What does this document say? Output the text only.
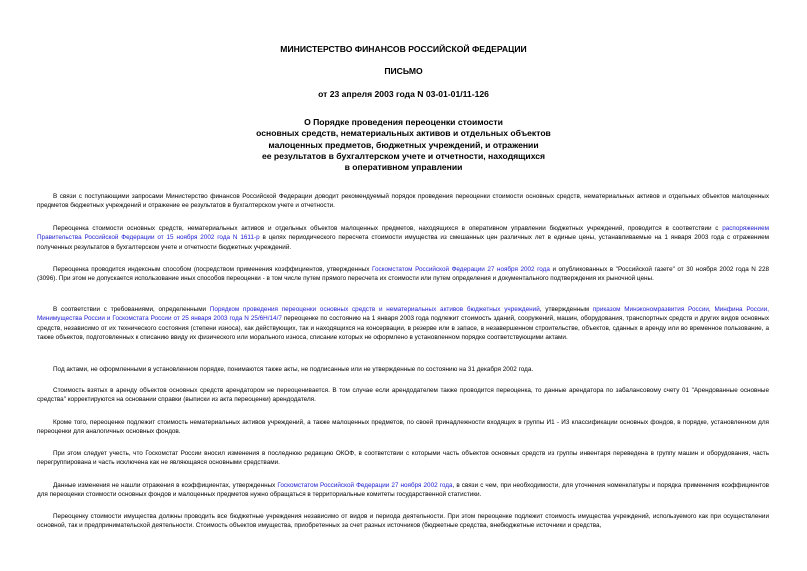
МИНИСТЕРСТВО ФИНАНСОВ РОССИЙСКОЙ ФЕДЕРАЦИИ
ПИСЬМО
от 23 апреля 2003 года N 03-01-01/11-126
О Порядке проведения переоценки стоимости
основных средств, нематериальных активов и отдельных объектов
малоценных предметов, бюджетных учреждений, и отражении
ее результатов в бухгалтерском учете и отчетности, находящихся
в оперативном управлении
В связи с поступающими запросами Министерство финансов Российской Федерации доводит рекомендуемый порядок проведения переоценки стоимости основных средств, нематериальных активов и отдельных объектов малоценных предметов бюджетных учреждений и отражение ее результатов в бухгалтерском учете и отчетности.
Переоценка стоимости основных средств, нематериальных активов и отдельных объектов малоценных предметов, находящихся в оперативном управлении бюджетных учреждений, проводится в соответствии с распоряжением Правительства Российской Федерации от 15 ноября 2002 года N 1611-р в целях периодического пересчета стоимости имущества из смешанных цен различных лет в единые цены, устанавливаемые на 1 января 2003 года с отражением полученных результатов в бухгалтерском учете и отчетности бюджетных учреждений.
Переоценка проводится индексным способом (посредством применения коэффициентов, утвержденных Госкомстатом Российской Федерации 27 ноября 2002 года и опубликованных в "Российской газете" от 30 ноября 2002 года N 228 (3096). При этом не допускается использование иных способов переоценки - в том числе путем прямого пересчета их стоимости или путем определения и документального подтверждения их рыночной цены.
В соответствии с требованиями, определенными Порядком проведения переоценки основных средств и нематериальных активов бюджетных учреждений, утвержденным приказом Минэкономразвития России, Минфина России, Минимущества России и Госкомстата России от 25 января 2003 года N 25/6Н/14/7 переоценке по состоянию на 1 января 2003 года подлежит стоимость зданий, сооружений, машин, оборудования, транспортных средств и других видов основных средств, независимо от их технического состояния (степени износа), как действующих, так и находящихся на консервации, в резерве или в запасе, в незавершенном строительстве, объектов, сданных в аренду или во временное пользование, а также объектов, подготовленных к списанию ввиду их физического или морального износа, списание которых не оформлено в установленном порядке соответствующими актами.
Под актами, не оформленными в установленном порядке, понимаются также акты, не подписанные или не утвержденные по состоянию на 31 декабря 2002 года.
Стоимость взятых в аренду объектов основных средств арендатором не переоценивается. В том случае если арендодателем также проводится переоценка, то данные арендатора по забалансовому счету 01 "Арендованные основные средства" корректируются на основании справки (выписки из акта переоценки) арендодателя.
Кроме того, переоценке подлежит стоимость нематериальных активов учреждений, а также малоценных предметов, по своей принадлежности входящих в группы И1 - И3 классификации основных фондов, в порядке, установленном для переоценки для аналогичных основных фондов.
При этом следует учесть, что Госкомстат России вносил изменения в последнюю редакцию ОКОФ, в соответствии с которыми часть объектов основных средств из группы инвентаря переведена в группу машин и оборудования, часть перегруппирована и часть исключена как не являющаяся основными средствами.
Данные изменения не нашли отражения в коэффициентах, утвержденных Госкомстатом Российской Федерации 27 ноября 2002 года, в связи с чем, при необходимости, для уточнения номенклатуры и порядка применения коэффициентов для переоценки стоимости основных фондов и малоценных предметов нужно обращаться в территориальные комитеты государственной статистики.
Переоценку стоимости имущества должны проводить все бюджетные учреждения независимо от видов и периода деятельности. При этом переоценке подлежит стоимость имущества учреждений, используемого как при осуществлении основной, так и предпринимательской деятельности. Стоимость объектов имущества, приобретенных за счет разных источников (бюджетные средства, внебюджетные источники и средства,
